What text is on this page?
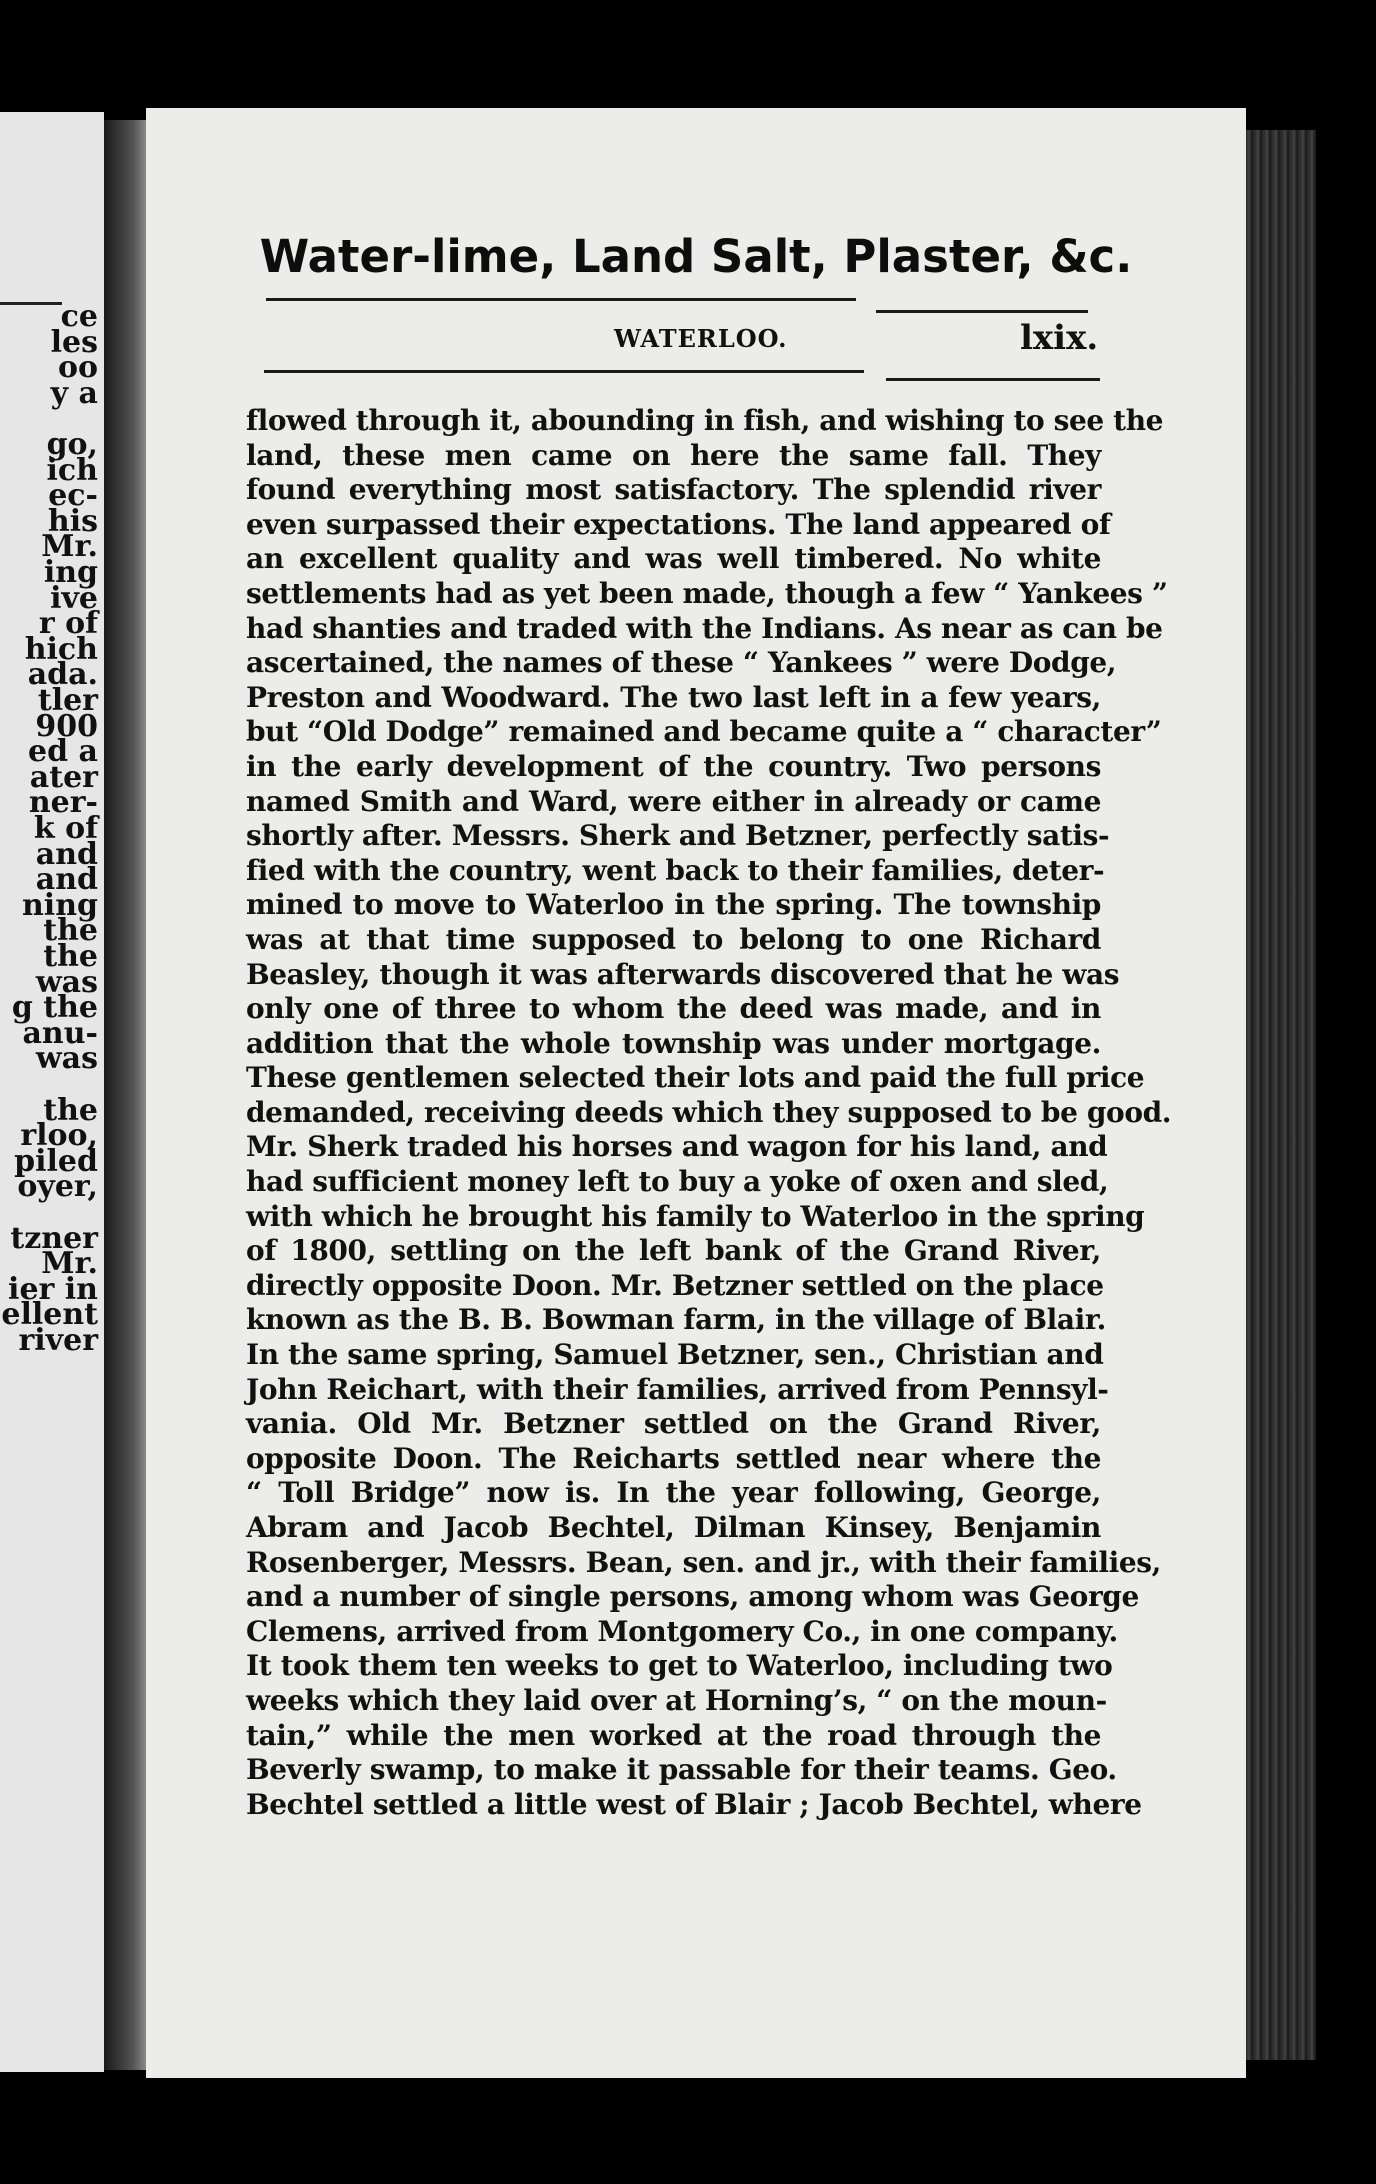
ce
les
oo
y a
go,
ich
ec-
his
Mr.
ing
ive
r of
hich
ada.
tler
900
ed a
ater
ner-
k of
and
and
ning
the
the
was
g the
anu-
was
the
rloo,
piled
oyer,
tzner
Mr.
ier in
ellent
river
Water-lime, Land Salt, Plaster, &c.
WATERLOO.	lxix.
flowed through it, abounding in fish, and wishing to see the
land, these men came on here the same fall. They
found everything most satisfactory. The splendid river
even surpassed their expectations. The land appeared of
an excellent quality and was well timbered. No white
settlements had as yet been made, though a few “ Yankees ”
had shanties and traded with the Indians. As near as can be
ascertained, the names of these “ Yankees ” were Dodge,
Preston and Woodward. The two last left in a few years,
but “Old Dodge” remained and became quite a “ character”
in the early development of the country. Two persons
named Smith and Ward, were either in already or came
shortly after. Messrs. Sherk and Betzner, perfectly satis-
fied with the country, went back to their families, deter-
mined to move to Waterloo in the spring. The township
was at that time supposed to belong to one Richard
Beasley, though it was afterwards discovered that he was
only one of three to whom the deed was made, and in
addition that the whole township was under mortgage.
These gentlemen selected their lots and paid the full price
demanded, receiving deeds which they supposed to be good.
Mr. Sherk traded his horses and wagon for his land, and
had sufficient money left to buy a yoke of oxen and sled,
with which he brought his family to Waterloo in the spring
of 1800, settling on the left bank of the Grand River,
directly opposite Doon. Mr. Betzner settled on the place
known as the B. B. Bowman farm, in the village of Blair.
In the same spring, Samuel Betzner, sen., Christian and
John Reichart, with their families, arrived from Pennsyl-
vania. Old Mr. Betzner settled on the Grand River,
opposite Doon. The Reicharts settled near where the
“ Toll Bridge” now is. In the year following, George,
Abram and Jacob Bechtel, Dilman Kinsey, Benjamin
Rosenberger, Messrs. Bean, sen. and jr., with their families,
and a number of single persons, among whom was George
Clemens, arrived from Montgomery Co., in one company.
It took them ten weeks to get to Waterloo, including two
weeks which they laid over at Horning’s, “ on the moun-
tain,” while the men worked at the road through the
Beverly swamp, to make it passable for their teams. Geo.
Bechtel settled a little west of Blair ; Jacob Bechtel, where
